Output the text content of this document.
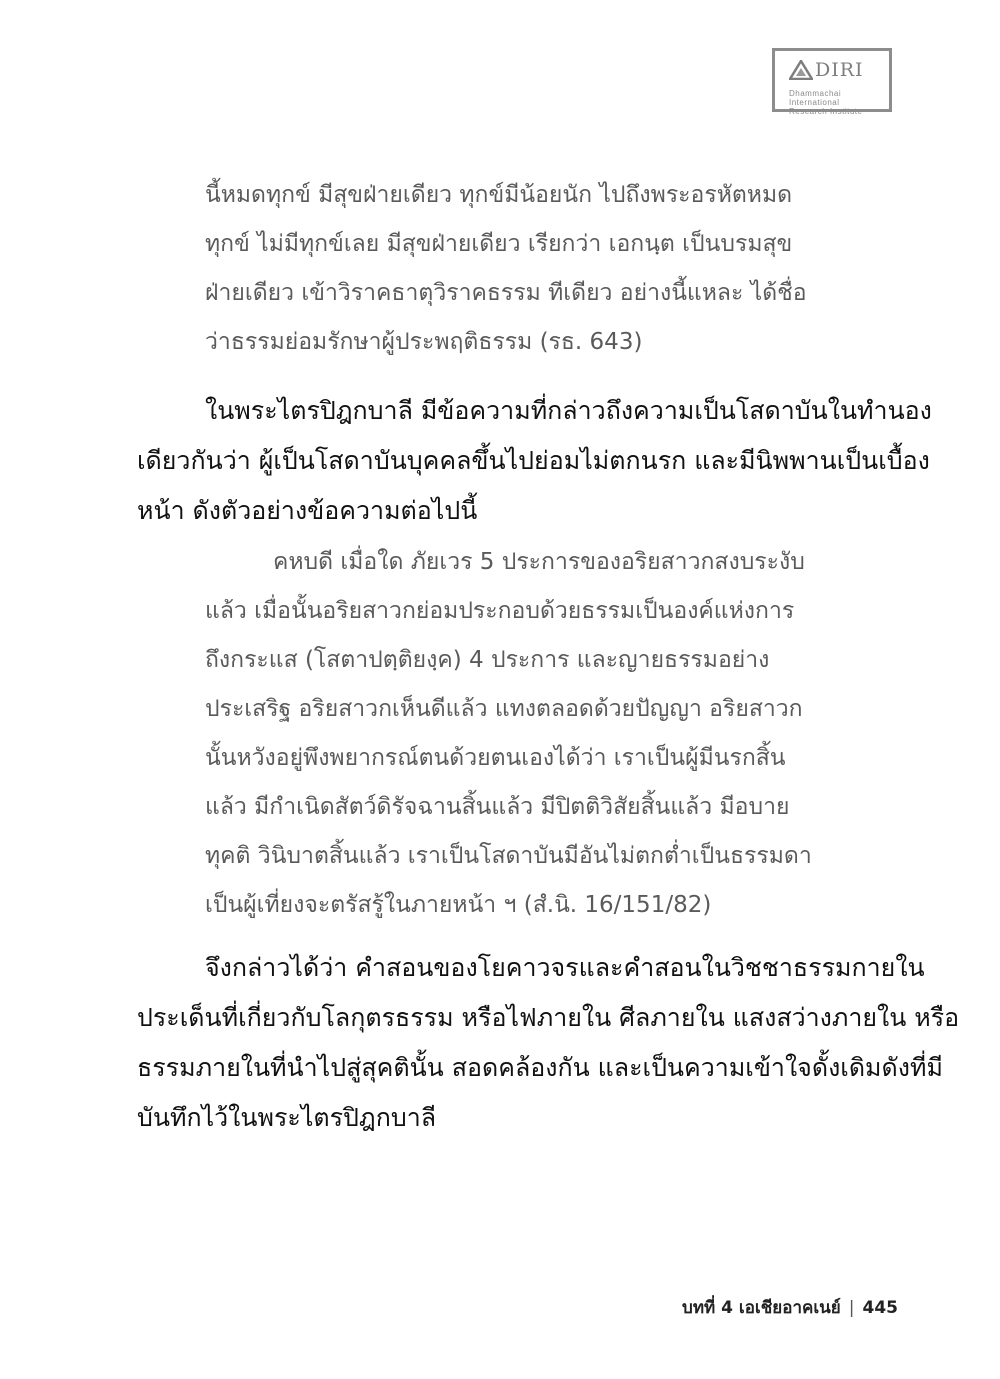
DIRI
Dhammachai International
Research Institute
นี้หมดทุกข์ มีสุขฝ่ายเดียว ทุกข์มีน้อยนัก ไปถึงพระอรหัตหมด
ทุกข์ ไม่มีทุกข์เลย มีสุขฝ่ายเดียว เรียกว่า เอกนฺต เป็นบรมสุข
ฝ่ายเดียว เข้าวิราคธาตุวิราคธรรม ทีเดียว อย่างนี้แหละ ได้ชื่อ
ว่าธรรมย่อมรักษาผู้ประพฤติธรรม (รธ. 643)
ในพระไตรปิฎกบาลี มีข้อความที่กล่าวถึงความเป็นโสดาบันในทำนอง
เดียวกันว่า ผู้เป็นโสดาบันบุคคลขึ้นไปย่อมไม่ตกนรก และมีนิพพานเป็นเบื้อง
หน้า ดังตัวอย่างข้อความต่อไปนี้
คหบดี เมื่อใด ภัยเวร 5 ประการของอริยสาวกสงบระงับ
แล้ว เมื่อนั้นอริยสาวกย่อมประกอบด้วยธรรมเป็นองค์แห่งการ
ถึงกระแส (โสตาปตฺติยงฺค) 4 ประการ และญายธรรมอย่าง
ประเสริฐ อริยสาวกเห็นดีแล้ว แทงตลอดด้วยปัญญา อริยสาวก
นั้นหวังอยู่พึงพยากรณ์ตนด้วยตนเองได้ว่า เราเป็นผู้มีนรกสิ้น
แล้ว มีกำเนิดสัตว์ดิรัจฉานสิ้นแล้ว มีปิตติวิสัยสิ้นแล้ว มีอบาย
ทุคติ วินิบาตสิ้นแล้ว เราเป็นโสดาบันมีอันไม่ตกต่ำเป็นธรรมดา
เป็นผู้เที่ยงจะตรัสรู้ในภายหน้า ฯ (สํ.นิ. 16/151/82)
จึงกล่าวได้ว่า คำสอนของโยคาวจรและคำสอนในวิชชาธรรมกายใน
ประเด็นที่เกี่ยวกับโลกุตรธรรม หรือไฟภายใน ศีลภายใน แสงสว่างภายใน หรือ
ธรรมภายในที่นำไปสู่สุคตินั้น สอดคล้องกัน และเป็นความเข้าใจดั้งเดิมดังที่มี
บันทึกไว้ในพระไตรปิฎกบาลี
บทที่ 4 เอเชียอาคเนย์ | 445
